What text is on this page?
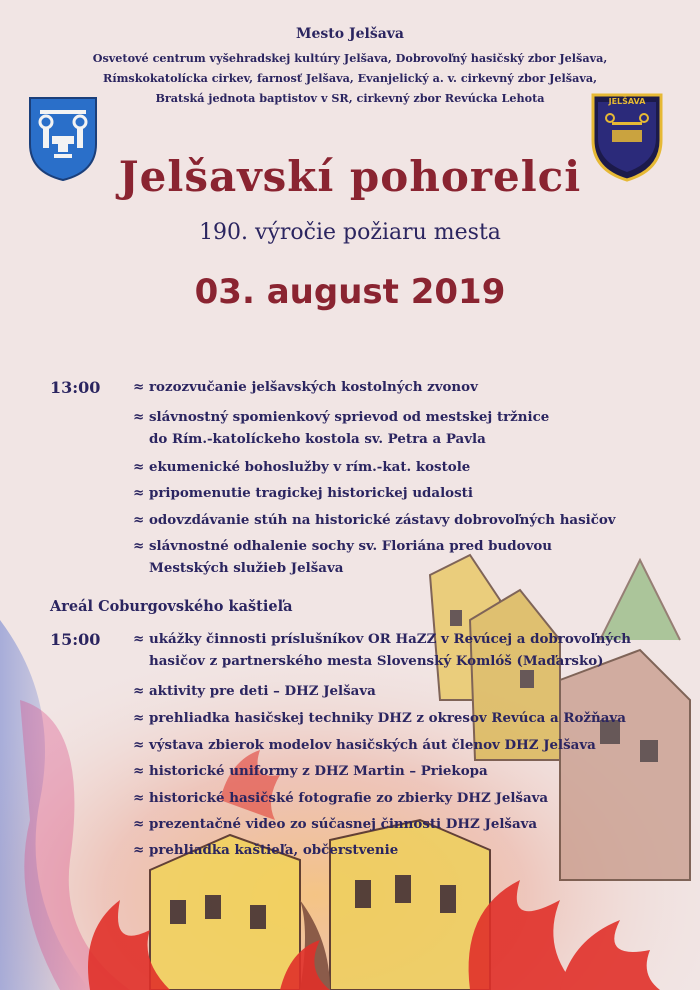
Mesto Jelšava
Osvetové centrum vyšehradskej kultúry Jelšava, Dobrovoľný hasičský zbor Jelšava,
Rímskokatolícka cirkev, farnosť Jelšava, Evanjelický a. v. cirkevný zbor Jelšava,
Bratská jednota baptistov v SR, cirkevný zbor Revúcka Lehota	JELŠAVA
Jelšavskí pohorelci
190. výročie požiaru mesta
03. august 2019
13:00 ≈ rozozvučanie jelšavských kostolných zvonov
≈ slávnostný spomienkový sprievod od mestskej tržnice
do Rím.-katolíckeho kostola sv. Petra a Pavla
≈ ekumenické bohoslužby v rím.-kat. kostole
≈ pripomenutie tragickej historickej udalosti
≈ odovzdávanie stúh na historické zástavy dobrovoľných hasičov
≈ slávnostné odhalenie sochy sv. Floriána pred budovou
Mestských služieb Jelšava
Areál Coburgovského kaštieľa
15:00 ≈ ukážky činnosti príslušníkov OR HaZZ v Revúcej a dobrovoľných
hasičov z partnerského mesta Slovenský Komlóš (Maďarsko)
≈ aktivity pre deti – DHZ Jelšava
≈ prehliadka hasičskej techniky DHZ z okresov Revúca a Rožňava
≈ výstava zbierok modelov hasičských áut členov DHZ Jelšava
≈ historické uniformy z DHZ Martin – Priekopa
≈ historické hasičské fotografie zo zbierky DHZ Jelšava
≈ prezentačné video zo súčasnej činnosti DHZ Jelšava
≈ prehliadka kaštieľa, občerstvenie
